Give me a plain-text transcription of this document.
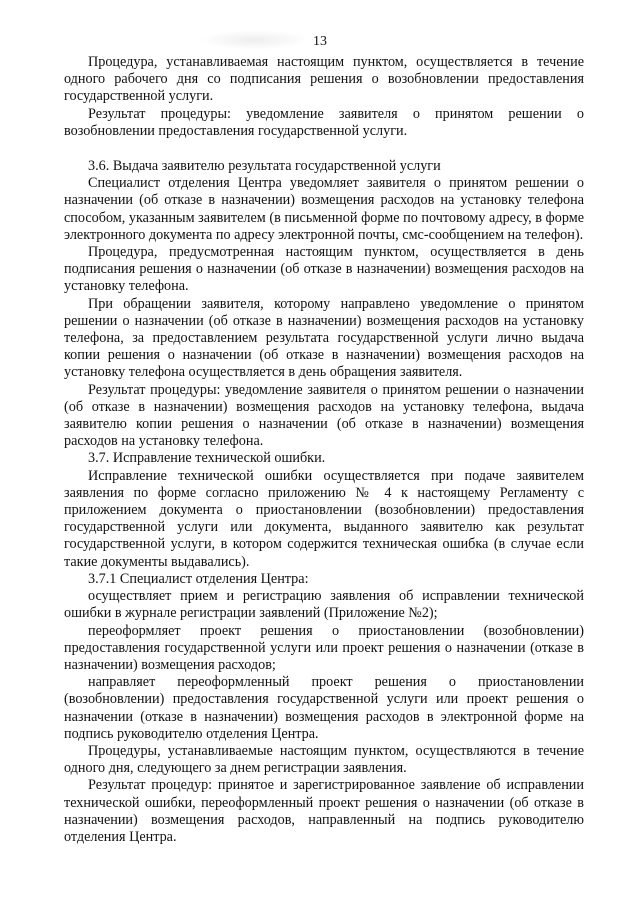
13

Процедура, устанавливаемая настоящим пунктом, осуществляется в течение одного рабочего дня со подписания решения о возобновлении предоставления государственной услуги.

Результат процедуры: уведомление заявителя о принятом решении о возобновлении предоставления государственной услуги.

3.6. Выдача заявителю результата государственной услуги

Специалист отделения Центра уведомляет заявителя о принятом решении о назначении (об отказе в назначении) возмещения расходов на установку телефона способом, указанным заявителем (в письменной форме по почтовому адресу, в форме электронного документа по адресу электронной почты, смс-сообщением на телефон).

Процедура, предусмотренная настоящим пунктом, осуществляется в день подписания решения о назначении (об отказе в назначении) возмещения расходов на установку телефона.

При обращении заявителя, которому направлено уведомление о принятом решении о назначении (об отказе в назначении) возмещения расходов на установку телефона, за предоставлением результата государственной услуги лично выдача копии решения о назначении (об отказе в назначении) возмещения расходов на установку телефона осуществляется в день обращения заявителя.

Результат процедуры: уведомление заявителя о принятом решении о назначении (об отказе в назначении) возмещения расходов на установку телефона, выдача заявителю копии решения о назначении (об отказе в назначении) возмещения расходов на установку телефона.

3.7. Исправление технической ошибки.

Исправление технической ошибки осуществляется при подаче заявителем заявления по форме согласно приложению № 4 к настоящему Регламенту с приложением документа о приостановлении (возобновлении) предоставления государственной услуги или документа, выданного заявителю как результат государственной услуги, в котором содержится техническая ошибка (в случае если такие документы выдавались).

3.7.1 Специалист отделения Центра:

осуществляет прием и регистрацию заявления об исправлении технической ошибки в журнале регистрации заявлений (Приложение №2);

переоформляет проект решения о приостановлении (возобновлении) предоставления государственной услуги или проект решения о назначении (отказе в назначении) возмещения расходов;

направляет переоформленный проект решения о приостановлении (возобновлении) предоставления государственной услуги или проект решения о назначении (отказе в назначении) возмещения расходов в электронной форме на подпись руководителю отделения Центра.

Процедуры, устанавливаемые настоящим пунктом, осуществляются в течение одного дня, следующего за днем регистрации заявления.

Результат процедур: принятое и зарегистрированное заявление об исправлении технической ошибки, переоформленный проект решения о назначении (об отказе в назначении) возмещения расходов, направленный на подпись руководителю отделения Центра.
